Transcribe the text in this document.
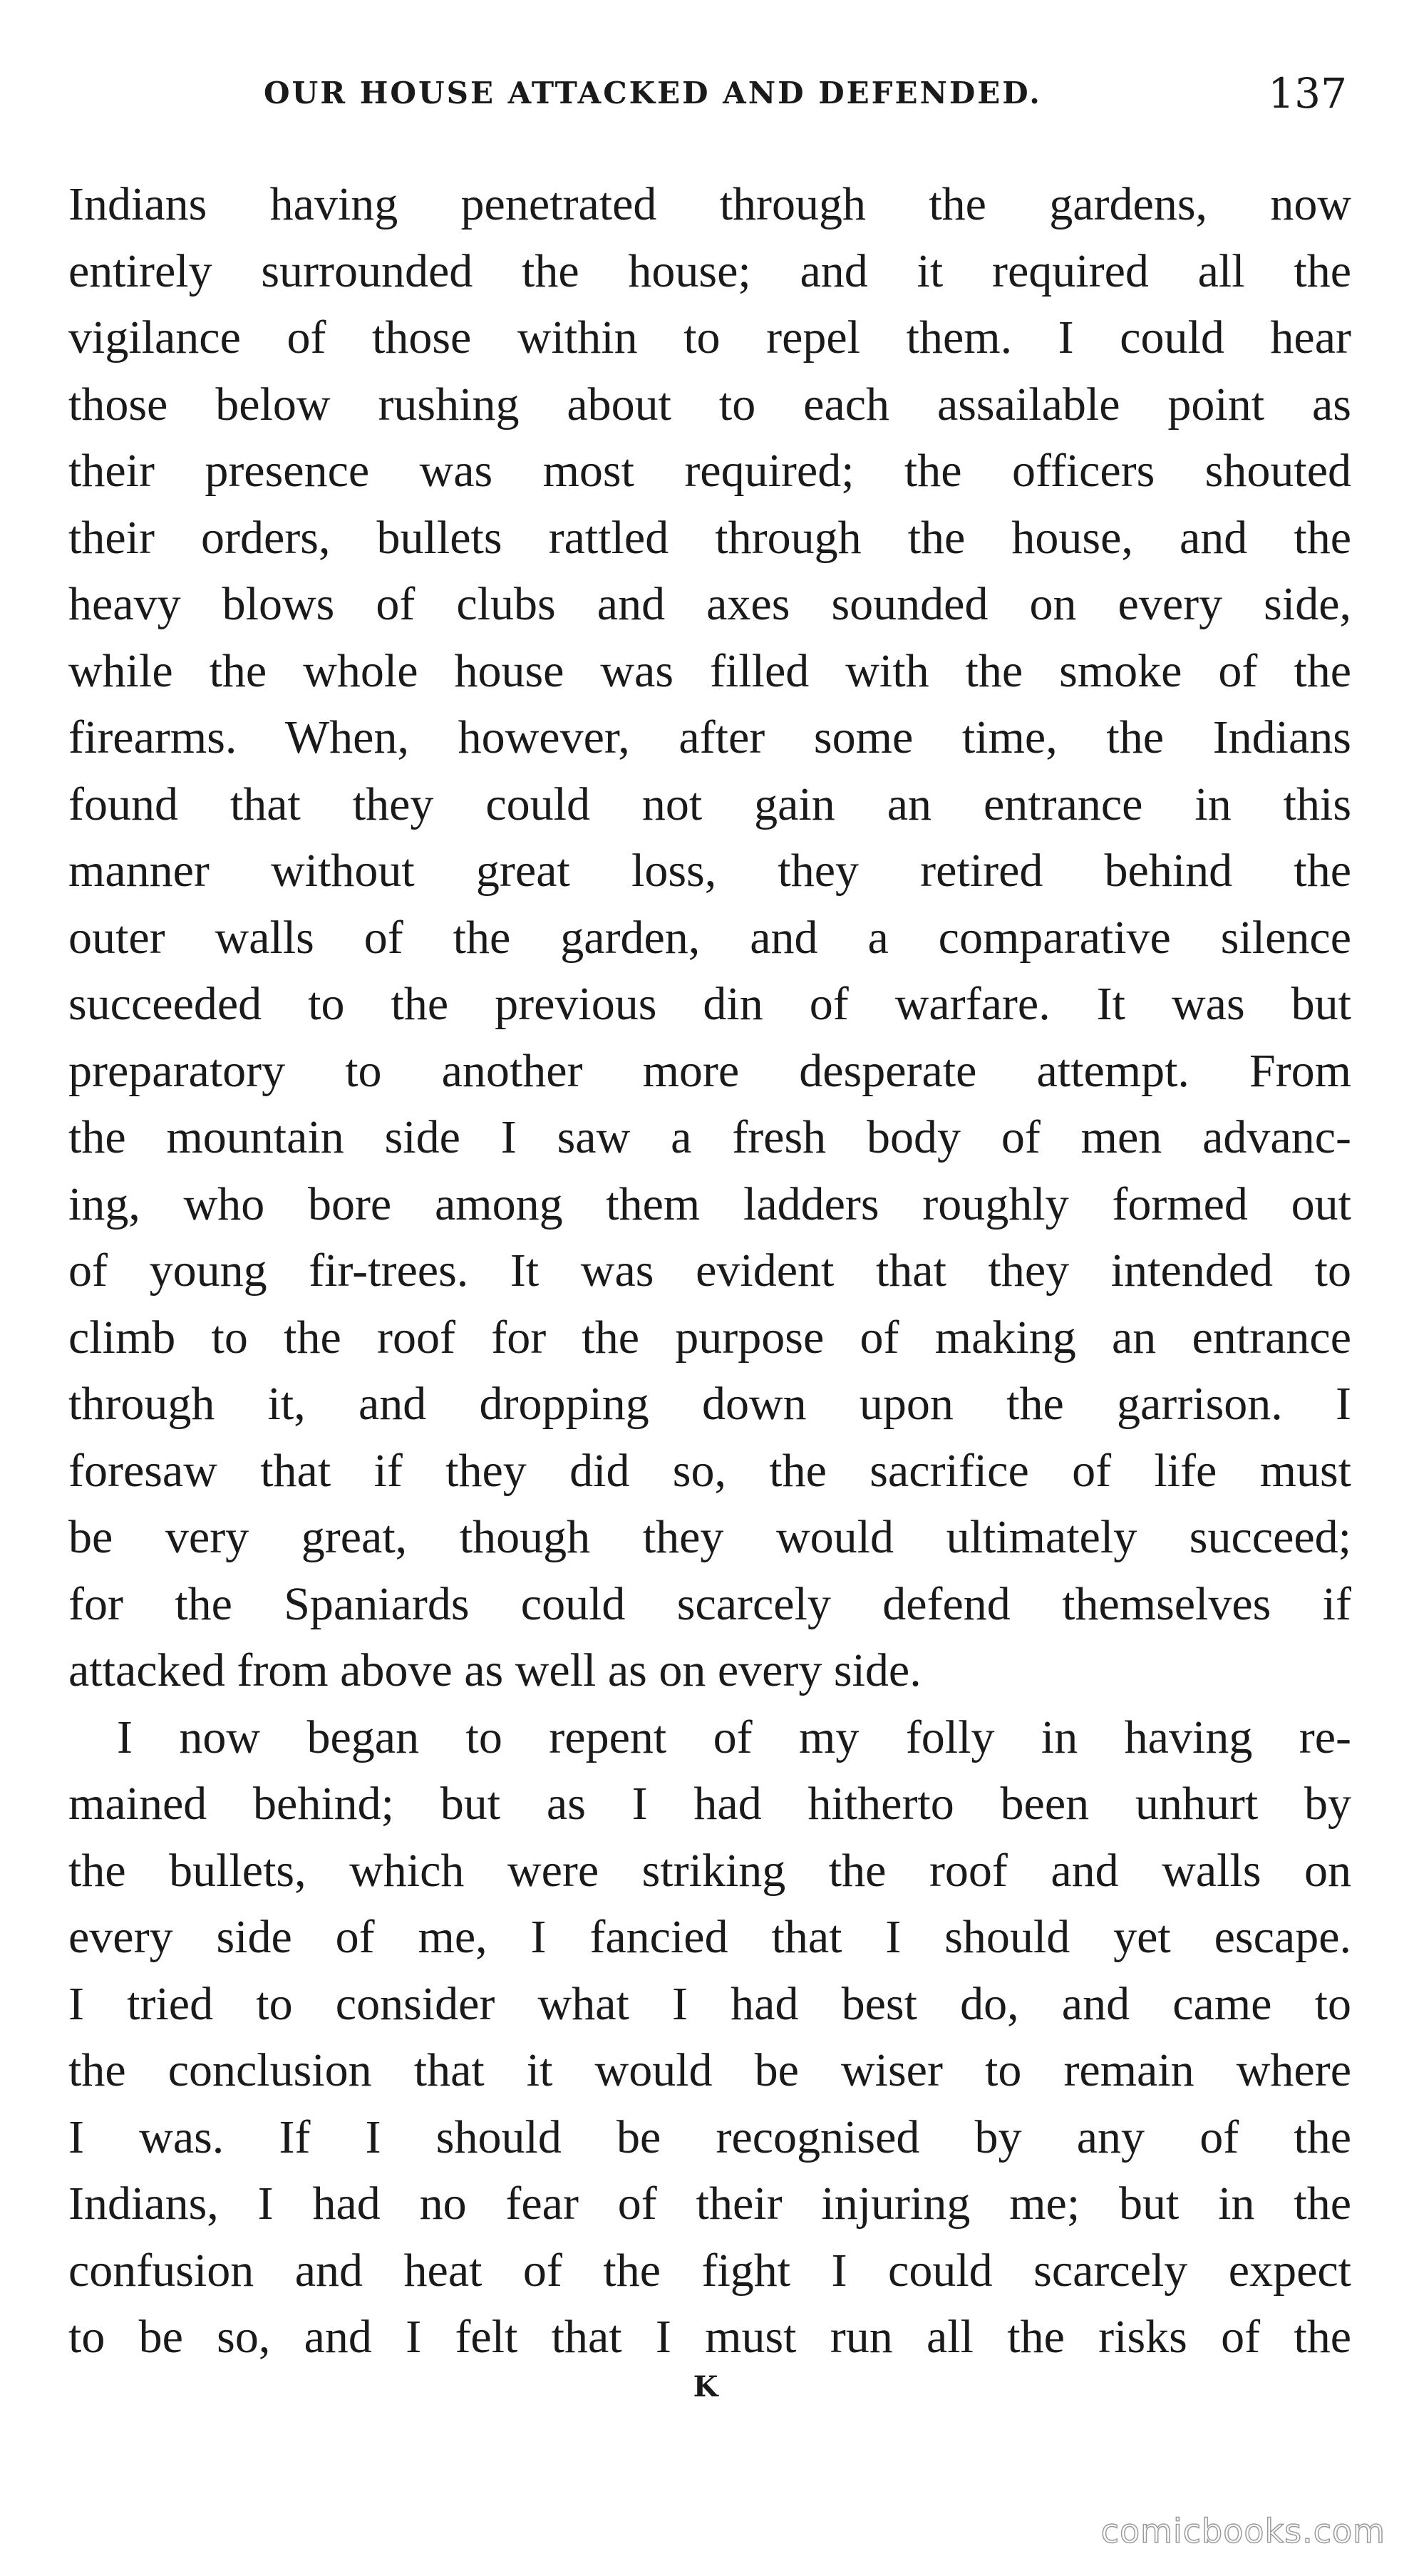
OUR HOUSE ATTACKED AND DEFENDED.	137
Indians having penetrated through the gardens, now
entirely surrounded the house; and it required all the
vigilance of those within to repel them. I could hear
those below rushing about to each assailable point as
their presence was most required; the officers shouted
their orders, bullets rattled through the house, and the
heavy blows of clubs and axes sounded on every side,
while the whole house was filled with the smoke of the
firearms. When, however, after some time, the Indians
found that they could not gain an entrance in this
manner without great loss, they retired behind the
outer walls of the garden, and a comparative silence
succeeded to the previous din of warfare. It was but
preparatory to another more desperate attempt. From
the mountain side I saw a fresh body of men advanc-
ing, who bore among them ladders roughly formed out
of young fir-trees. It was evident that they intended to
climb to the roof for the purpose of making an entrance
through it, and dropping down upon the garrison. I
foresaw that if they did so, the sacrifice of life must
be very great, though they would ultimately succeed;
for the Spaniards could scarcely defend themselves if
attacked from above as well as on every side.
I now began to repent of my folly in having re-
mained behind; but as I had hitherto been unhurt by
the bullets, which were striking the roof and walls on
every side of me, I fancied that I should yet escape.
I tried to consider what I had best do, and came to
the conclusion that it would be wiser to remain where
I was. If I should be recognised by any of the
Indians, I had no fear of their injuring me; but in the
confusion and heat of the fight I could scarcely expect
to be so, and I felt that I must run all the risks of the
K
comicbooks.com
